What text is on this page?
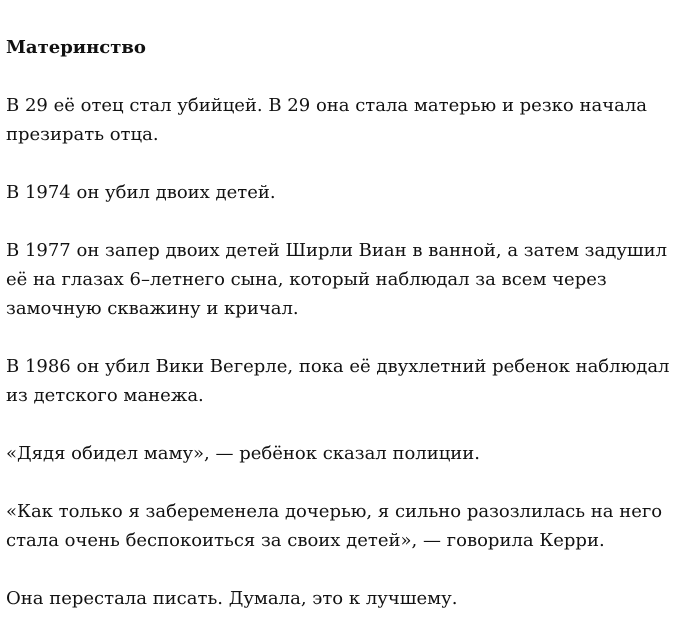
Материнство
В 29 её отец стал убийцей. В 29 она стала матерью и резко начала презирать отца.
В 1974 он убил двоих детей.
В 1977 он запер двоих детей Ширли Виан в ванной, а затем задушил её на глазах 6–летнего сына, который наблюдал за всем через замочную скважину и кричал.
В 1986 он убил Вики Вегерле, пока её двухлетний ребенок наблюдал из детского манежа.
«Дядя обидел маму», — ребёнок сказал полиции.
«Как только я забеременела дочерью, я сильно разозлилась на него стала очень беспокоиться за своих детей», — говорила Керри.
Она перестала писать. Думала, это к лучшему.
